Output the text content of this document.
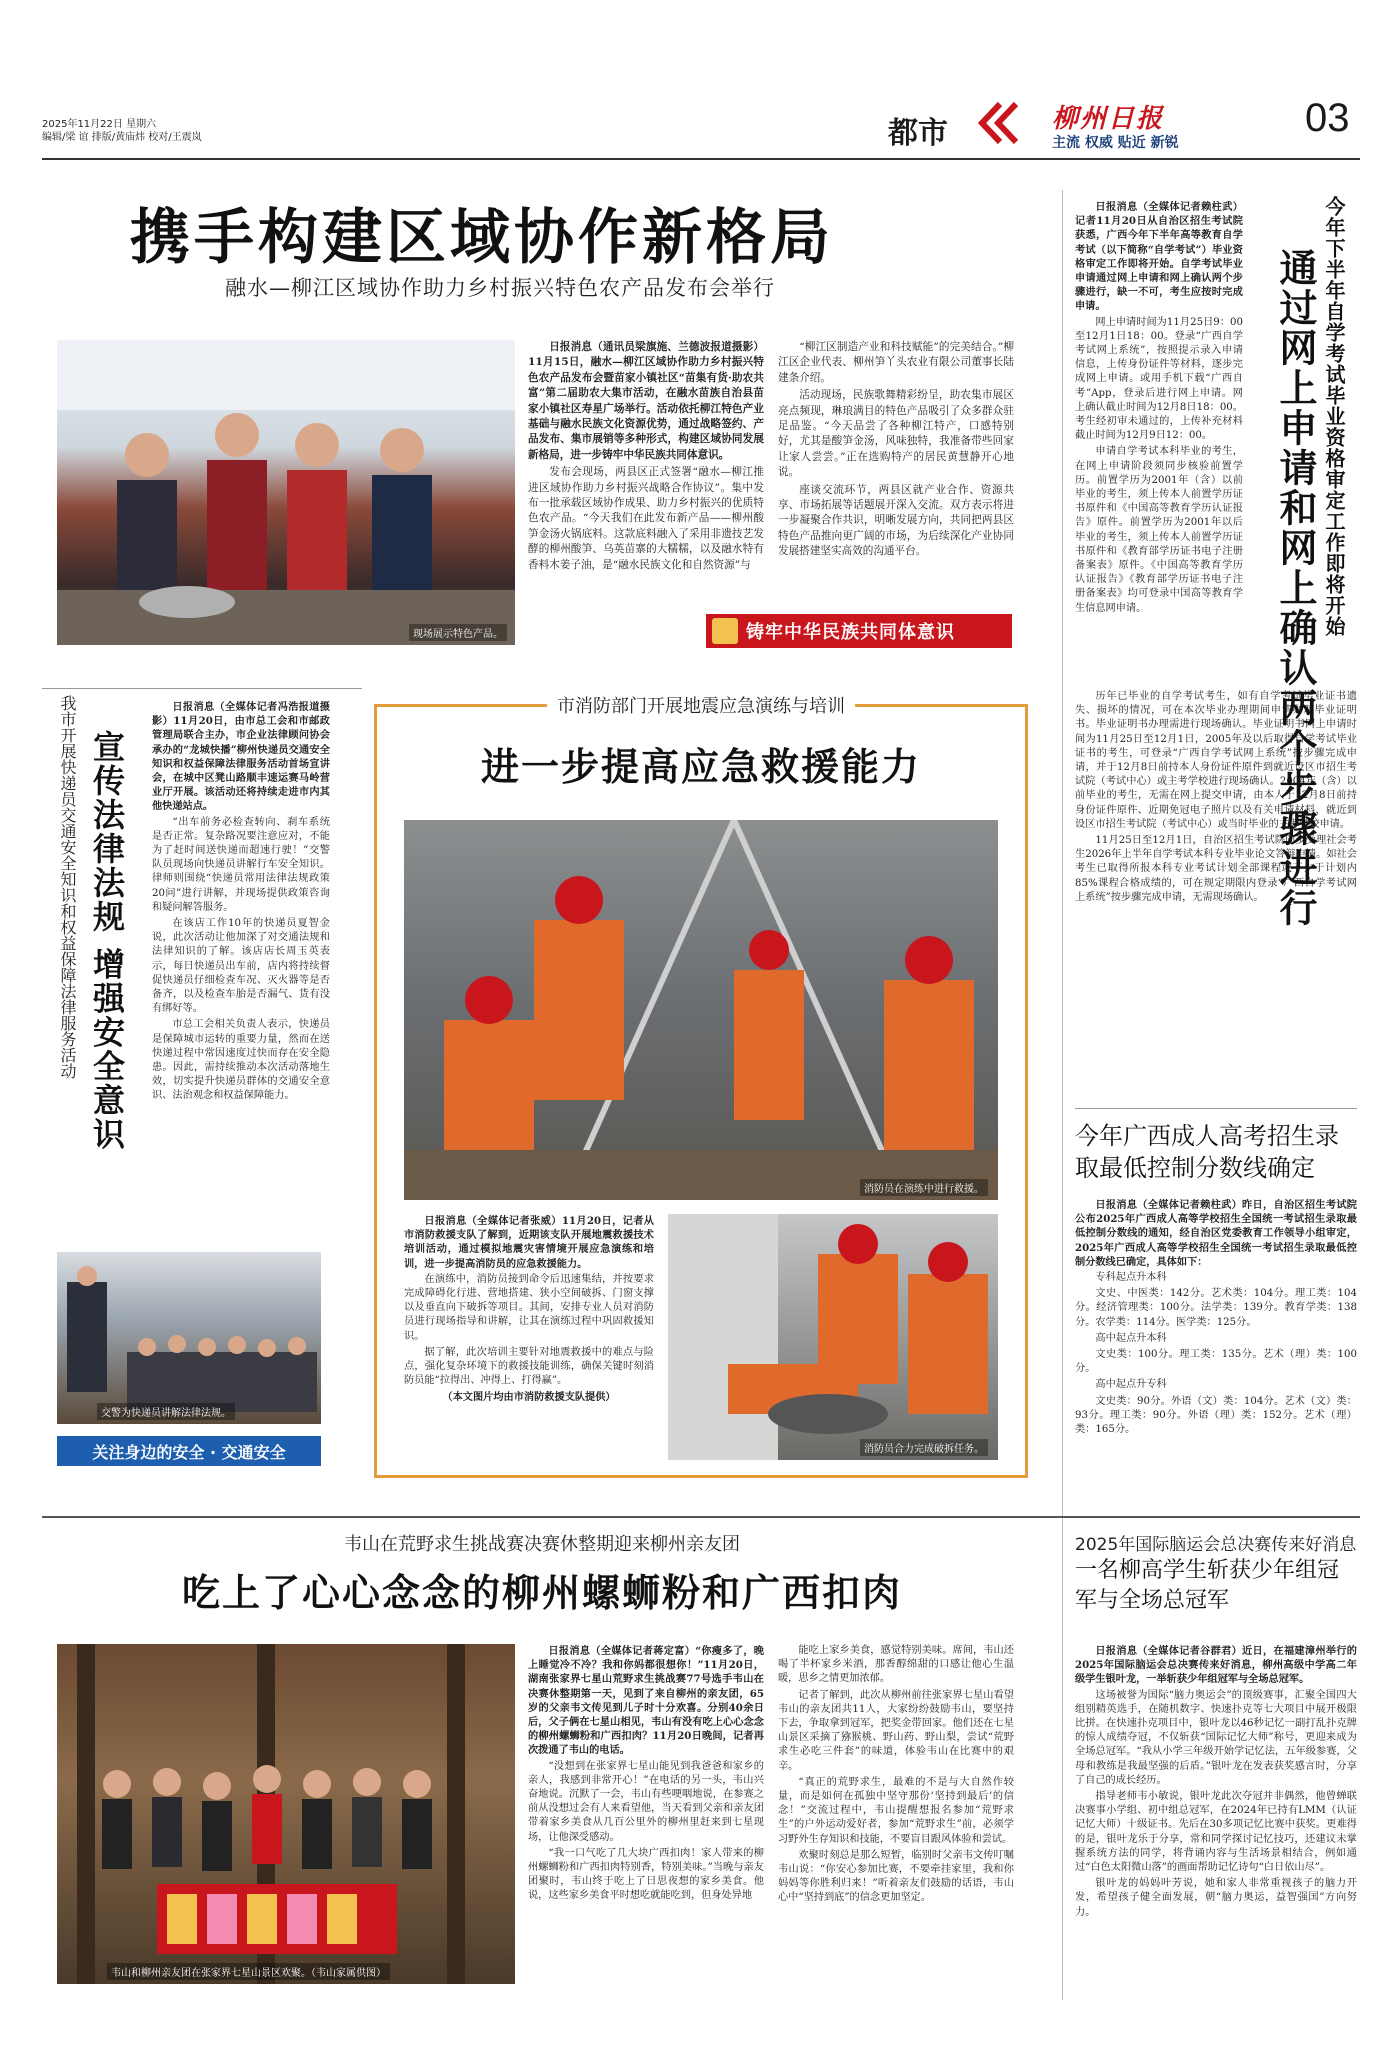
2025年11月22日 星期六
编辑/梁 谊 排版/黄庙炜 校对/王震岚	都市	柳州日报
主流 权威 贴近 新锐
03
携手构建区域协作新格局
融水—柳江区域协作助力乡村振兴特色农产品发布会举行
现场展示特色产品。

日报消息（通讯员梁旗施、兰德波报道摄影）11月15日，融水—柳江区域协作助力乡村振兴特色农产品发布会暨苗家小镇社区“苗集有货·助农共富”第二届助农大集市活动，在融水苗族自治县苗家小镇社区寿星广场举行。活动依托柳江特色产业基础与融水民族文化资源优势，通过战略签约、产品发布、集市展销等多种形式，构建区域协同发展新格局，进一步铸牢中华民族共同体意识。

发布会现场，两县区正式签署“融水—柳江推进区域协作助力乡村振兴战略合作协议”。集中发布一批承载区域协作成果、助力乡村振兴的优质特色农产品。“今天我们在此发布新产品——柳州酸笋金汤火锅底料。这款底料融入了采用非遗技艺发酵的柳州酸笋、乌英苗寨的大糯糯，以及融水特有香料木姜子油，是“融水民族文化和自然资源”与

“柳江区制造产业和科技赋能”的完美结合。”柳江区企业代表、柳州笋丫头农业有限公司董事长陆建条介绍。

活动现场，民族歌舞精彩纷呈，助农集市展区亮点频现，琳琅满目的特色产品吸引了众多群众驻足品鉴。“今天品尝了各种柳江特产，口感特别好，尤其是酸笋金汤，风味独特，我准备带些回家让家人尝尝。”正在选购特产的居民黄慧静开心地说。

座谈交流环节，两县区就产业合作、资源共享、市场拓展等话题展开深入交流。双方表示将进一步凝聚合作共识，明晰发展方向，共同把两县区特色产品推向更广阔的市场，为后续深化产业协同发展搭建坚实高效的沟通平台。

铸牢中华民族共同体意识

日报消息（全媒体记者赖柱武）记者11月20日从自治区招生考试院获悉，广西今年下半年高等教育自学考试（以下简称“自学考试”）毕业资格审定工作即将开始。自学考试毕业申请通过网上申请和网上确认两个步骤进行，缺一不可，考生应按时完成申请。

网上申请时间为11月25日9：00至12月1日18：00。登录“广西自学考试网上系统”，按照提示录入申请信息，上传身份证件等材料，逐步完成网上申请。或用手机下载“广西自考”App，登录后进行网上申请。网上确认截止时间为12月8日18：00。考生经初审未通过的，上传补充材料截止时间为12月9日12：00。

申请自学考试本科毕业的考生，在网上申请阶段须同步核验前置学历。前置学历为2001年（含）以前毕业的考生，须上传本人前置学历证书原件和《中国高等教育学历认证报告》原件。前置学历为2001年以后毕业的考生，须上传本人前置学历证书原件和《教育部学历证书电子注册备案表》原件。《中国高等教育学历认证报告》《教育部学历证书电子注册备案表》均可登录中国高等教育学生信息网申请。

历年已毕业的自学考试考生，如有自学考试毕业证书遗失、损坏的情况，可在本次毕业办理期间申请办理毕业证明书。毕业证明书办理需进行现场确认。毕业证明书网上申请时间为11月25日至12月1日，2005年及以后取得自学考试毕业证书的考生，可登录“广西自学考试网上系统”按步骤完成申请，并于12月8日前持本人身份证件原件到就近设区市招生考试院（考试中心）或主考学校进行现场确认。2004年（含）以前毕业的考生，无需在网上提交申请，由本人于12月8日前持身份证件原件、近期免冠电子照片以及有关申请材料，就近到设区市招生考试院（考试中心）或当时毕业的主考学校申请。

11月25日至12月1日，自治区招生考试院同步受理社会考生2026年上半年自学考试本科专业毕业论文答辩申请。如社会考生已取得所报本科专业考试计划全部课程或不少于计划内85%课程合格成绩的，可在规定期限内登录“广西自学考试网上系统”按步骤完成申请，无需现场确认。

今年下半年自学考试毕业资格审定工作即将开始
通过网上申请和网上确认两个步骤进行
今年广西成人高考招生录取最低控制分数线确定

日报消息（全媒体记者赖柱武）昨日，自治区招生考试院公布2025年广西成人高等学校招生全国统一考试招生录取最低控制分数线的通知，经自治区党委教育工作领导小组审定，2025年广西成人高等学校招生全国统一考试招生录取最低控制分数线已确定，具体如下：

专科起点升本科

文史、中医类：142分。艺术类：104分。理工类：104分。经济管理类：100分。法学类：139分。教育学类：138分。农学类：114分。医学类：125分。

高中起点升本科

文史类：100分。理工类：135分。艺术（理）类：100分。

高中起点升专科

文史类：90分。外语（文）类：104分。艺术（文）类：93分。理工类：90分。外语（理）类：152分。艺术（理）类：165分。

我市开展快递员交通安全知识和权益保障法律服务活动 宣传法律法规 增强安全意识

日报消息（全媒体记者冯浩报道摄影）11月20日，由市总工会和市邮政管理局联合主办，市企业法律顾问协会承办的“龙城快播”柳州快递员交通安全知识和权益保障法律服务活动首场宣讲会，在城中区凳山路顺丰速运赛马岭营业厅开展。该活动还将持续走进市内其他快递站点。

“出车前务必检查转向、刹车系统是否正常。复杂路况要注意应对，不能为了赶时间送快递而超速行驶！”交警队员现场向快递员讲解行车安全知识。律师则围绕“快递员常用法律法规政策20问”进行讲解，并现场提供政策咨询和疑问解答服务。

在该店工作10年的快递员夏智金说，此次活动让他加深了对交通法规和法律知识的了解。该店店长周玉英表示，每日快递员出车前，店内将持续督促快递员仔细检查车况、灭火器等是否备齐，以及检查车胎是否漏气、货有没有绑好等。

市总工会相关负责人表示，快递员是保障城市运转的重要力量，然而在送快递过程中常因速度过快而存在安全隐患。因此，需持续推动本次活动落地生效，切实提升快递员群体的交通安全意识、法治观念和权益保障能力。

交警为快递员讲解法律法规。
关注身边的安全 · 交通安全
市消防部门开展地震应急演练与培训
进一步提高应急救援能力
消防员在演练中进行救援。

日报消息（全媒体记者张威）11月20日，记者从市消防救援支队了解到，近期该支队开展地震救援技术培训活动，通过模拟地震灾害情境开展应急演练和培训，进一步提高消防员的应急救援能力。

在演练中，消防员接到命令后迅速集结，并按要求完成障碍化行进、营地搭建、狭小空间破拆、门窗支撑以及垂直向下破拆等项目。其间，安排专业人员对消防员进行现场指导和讲解，让其在演练过程中巩固救援知识。

据了解，此次培训主要针对地震救援中的难点与险点，强化复杂环境下的救援技能训练，确保关键时刻消防员能“拉得出、冲得上、打得赢”。

（本文图片均由市消防救援支队提供）

消防员合力完成破拆任务。
韦山在荒野求生挑战赛决赛休整期迎来柳州亲友团
吃上了心心念念的柳州螺蛳粉和广西扣肉
韦山和柳州亲友团在张家界七星山景区欢聚。（韦山家属供图）

日报消息（全媒体记者蒋定富）“你瘦多了，晚上睡觉冷不冷？我和你妈都很想你！”11月20日，湖南张家界七星山荒野求生挑战赛77号选手韦山在决赛休整期第一天，见到了来自柳州的亲友团，65岁的父亲韦文传见到儿子时十分欢喜。分别40余日后，父子俩在七星山相见，韦山有没有吃上心心念念的柳州螺蛳粉和广西扣肉？11月20日晚间，记者再次拨通了韦山的电话。

“没想到在张家界七星山能见到我爸爸和家乡的亲人，我感到非常开心！”在电话的另一头，韦山兴奋地说。沉默了一会，韦山有些哽咽地说，在参赛之前从没想过会有人来看望他，当天看到父亲和亲友团带着家乡美食从几百公里外的柳州里赶来到七星现场，让他深受感动。

“我一口气吃了几大块广西扣肉！家人带来的柳州螺蛳粉和广西扣肉特别香，特别美味。”当晚与亲友团聚时，韦山终于吃上了日思夜想的家乡美食。他说，这些家乡美食平时想吃就能吃到，但身处异地

能吃上家乡美食，感觉特别美味。席间，韦山还喝了半杯家乡米酒，那香醇绵甜的口感让他心生温暖，思乡之情更加浓郁。

记者了解到，此次从柳州前往张家界七星山看望韦山的亲友团共11人，大家纷纷鼓励韦山，要坚持下去，争取拿到冠军，把奖金带回家。他们还在七星山景区采摘了猕猴桃、野山药、野山梨，尝试“荒野求生必吃三件套”的味道，体验韦山在比赛中的艰辛。

“真正的荒野求生，最难的不是与大自然作较量，而是如何在孤独中坚守那份‘坚持到最后’的信念！”交流过程中，韦山提醒想报名参加“荒野求生”的户外运动爱好者，参加“荒野求生”前，必须学习野外生存知识和技能，不要盲目跟风体验和尝试。

欢聚时刻总是那么短暂，临别时父亲韦文传叮嘱韦山说：“你安心参加比赛，不要牵挂家里，我和你妈妈等你胜利归来！”听着亲友们鼓励的话语，韦山心中“坚持到底”的信念更加坚定。

2025年国际脑运会总决赛传来好消息
一名柳高学生斩获少年组冠军与全场总冠军

日报消息（全媒体记者谷群君）近日，在福建漳州举行的2025年国际脑运会总决赛传来好消息，柳州高级中学高二年级学生银叶龙，一举斩获少年组冠军与全场总冠军。

这场被誉为国际“脑力奥运会”的顶级赛事，汇聚全国四大组别精英选手，在随机数字、快速扑克等七大项目中展开极限比拼。在快速扑克项目中，银叶龙以46秒记忆一副打乱扑克牌的惊人成绩夺冠，不仅斩获“国际记忆大师”称号，更迎来成为全场总冠军。“我从小学三年级开始学记忆法，五年级参赛，父母和教练是我最坚强的后盾。”银叶龙在发表获奖感言时，分享了自己的成长经历。

指导老师韦小敏说，银叶龙此次夺冠并非偶然，他曾蝉联决赛事小学组、初中组总冠军，在2024年已持有LMM（认证记忆大师）十级证书。先后在30多项记忆比赛中获奖。更难得的是，银叶龙乐于分享，常和同学探讨记忆技巧，还建议未掌握系统方法的同学，将背诵内容与生活场景相结合，例如通过“白色太阳微山落”的画面帮助记忆诗句“白日依山尽”。

银叶龙的妈妈叶芳说，她和家人非常重视孩子的脑力开发，希望孩子健全面发展，朝“脑力奥运，益智强国”方向努力。
